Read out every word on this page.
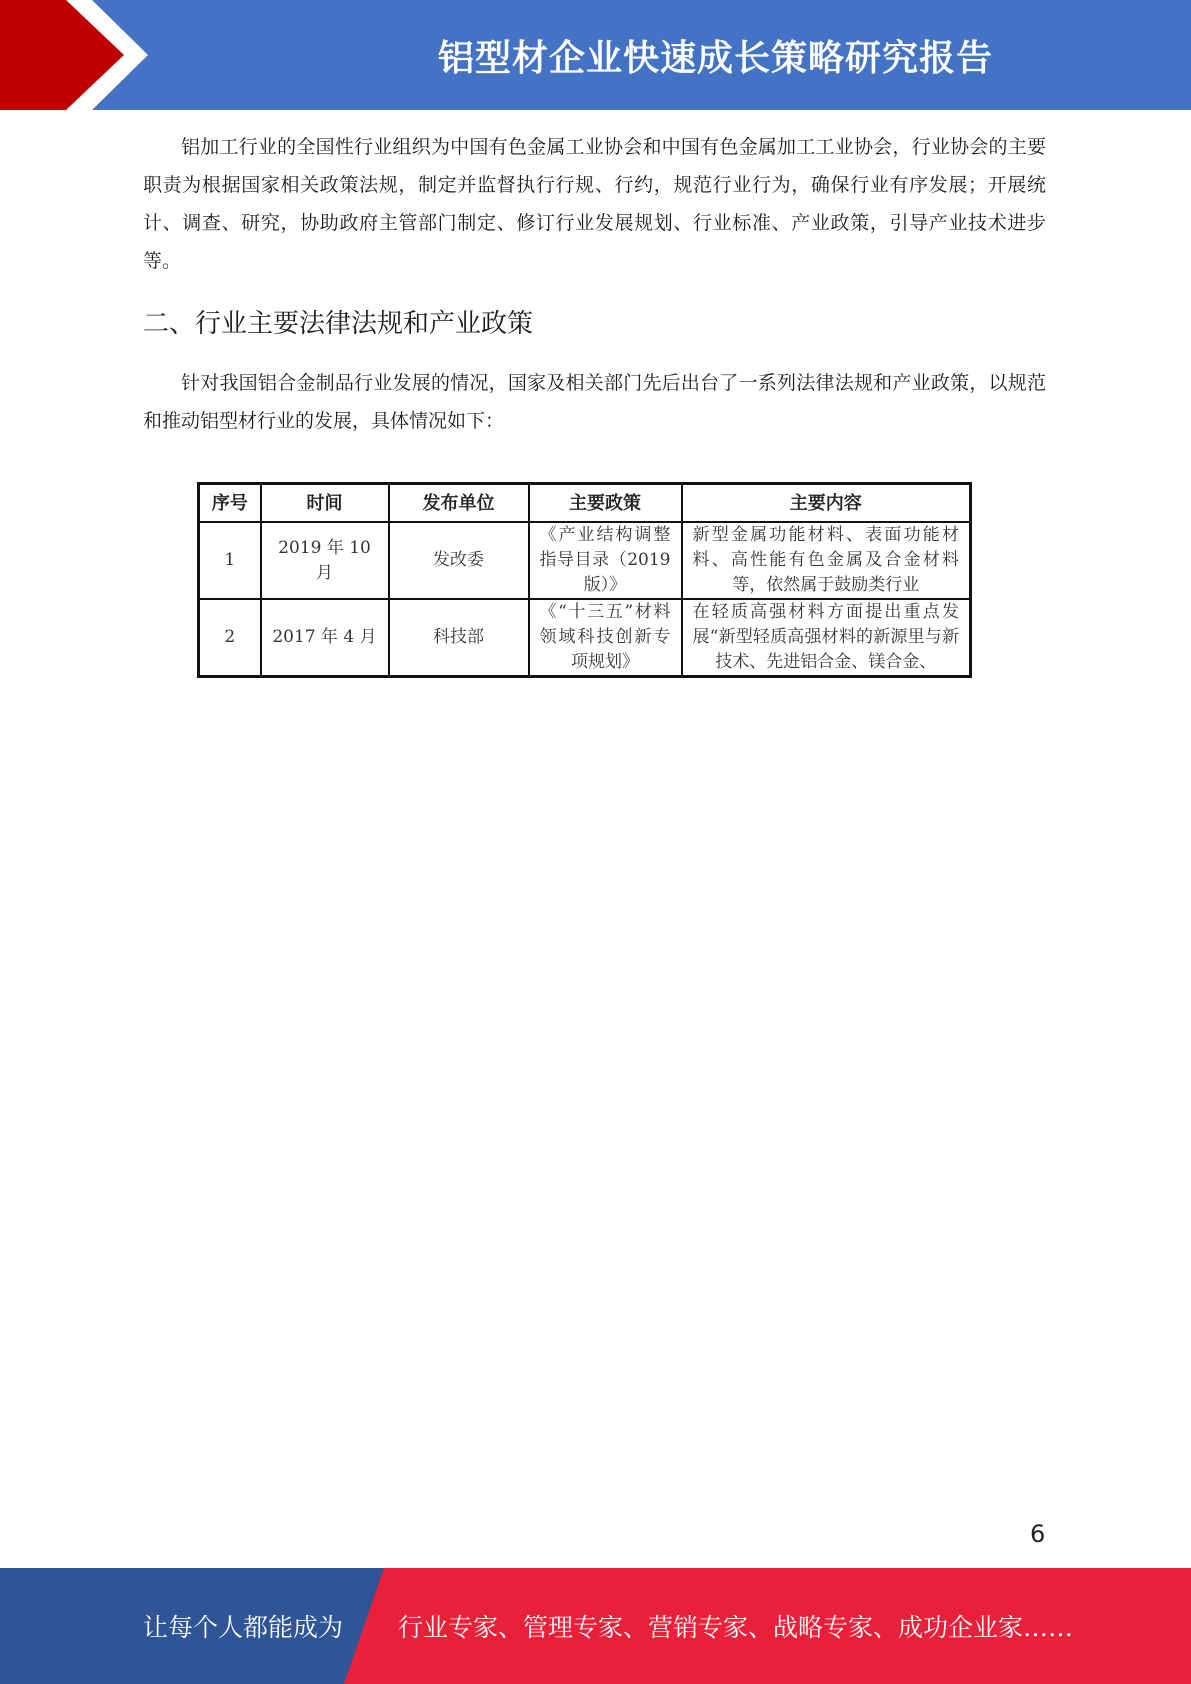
铝型材企业快速成长策略研究报告

铝加工行业的全国性行业组织为中国有色金属工业协会和中国有色金属加工工业协会，行业协会的主要职责为根据国家相关政策法规，制定并监督执行行规、行约，规范行业行为，确保行业有序发展；开展统计、调查、研究，协助政府主管部门制定、修订行业发展规划、行业标准、产业政策，引导产业技术进步等。

二、行业主要法律法规和产业政策

针对我国铝合金制品行业发展的情况，国家及相关部门先后出台了一系列法律法规和产业政策，以规范和推动铝型材行业的发展，具体情况如下：

序号	时间	发布单位	主要政策	主要内容
1	2019 年 10 月	发改委	《产业结构调整指导目录（2019版）》	新型金属功能材料、表面功能材料、高性能有色金属及合金材料等，依然属于鼓励类行业
2	2017 年 4 月	科技部	《“十三五”材料领域科技创新专项规划》	在轻质高强材料方面提出重点发展“新型轻质高强材料的新源里与新技术、先进铝合金、镁合金、
6
让每个人都能成为 行业专家、管理专家、营销专家、战略专家、成功企业家……
